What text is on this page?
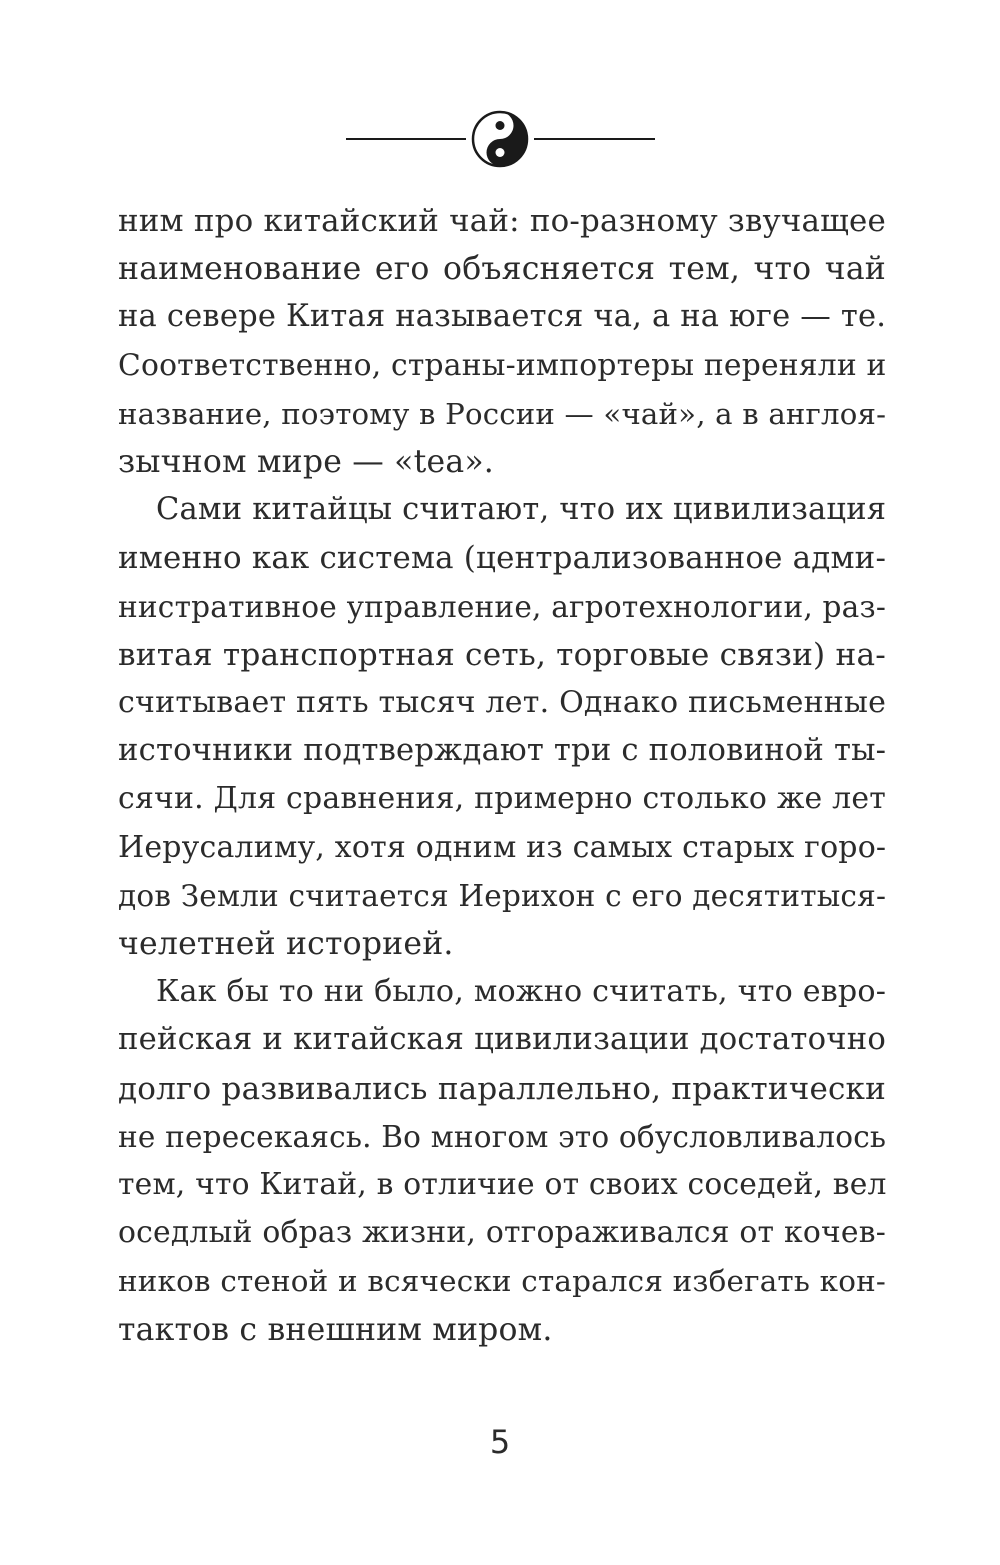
ним про китайский чай: по-разному звучащее
наименование его объясняется тем, что чай
на севере Китая называется ча, а на юге — те.
Соответственно, страны-импортеры переняли и
название, поэтому в России — «чай», а в англоя-
зычном мире — «tea».
Сами китайцы считают, что их цивилизация
именно как система (централизованное адми-
нистративное управление, агротехнологии, раз-
витая транспортная сеть, торговые связи) на-
считывает пять тысяч лет. Однако письменные
источники подтверждают три с половиной ты-
сячи. Для сравнения, примерно столько же лет
Иерусалиму, хотя одним из самых старых горо-
дов Земли считается Иерихон с его десятитыся-
челетней историей.
Как бы то ни было, можно считать, что евро-
пейская и китайская цивилизации достаточно
долго развивались параллельно, практически
не пересекаясь. Во многом это обусловливалось
тем, что Китай, в отличие от своих соседей, вел
оседлый образ жизни, отгораживался от кочев-
ников стеной и всячески старался избегать кон-
тактов с внешним миром.
5
